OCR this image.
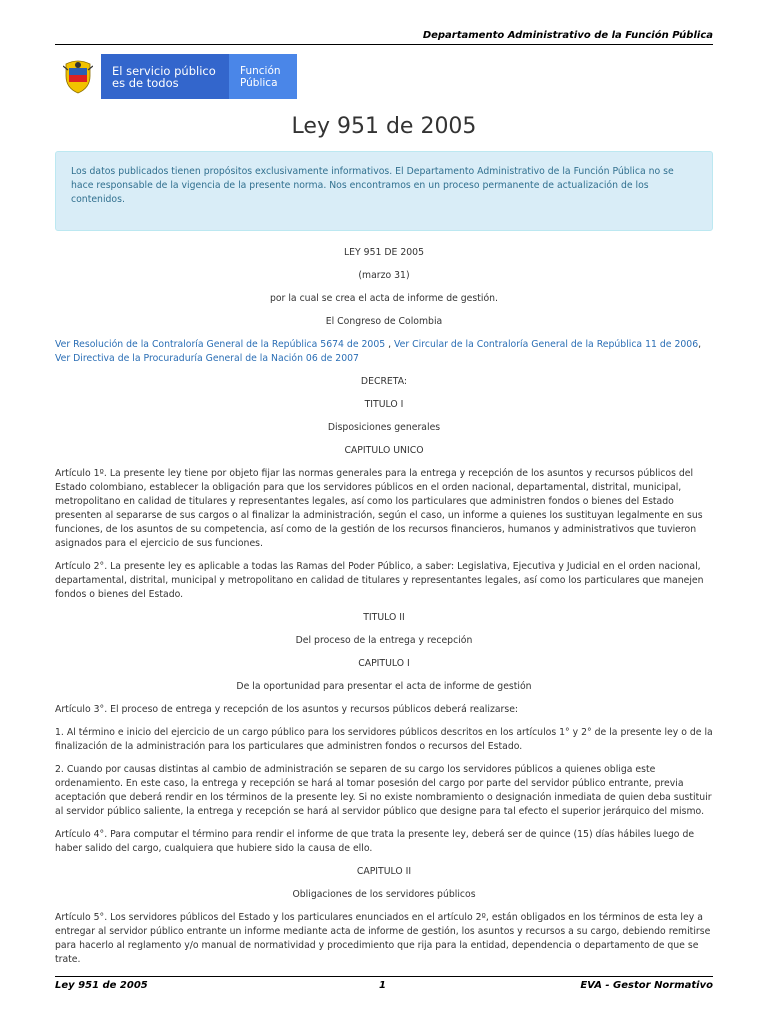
Departamento Administrativo de la Función Pública
El servicio público
es de todos
Función
Pública
Ley 951 de 2005
Los datos publicados tienen propósitos exclusivamente informativos. El Departamento Administrativo de la Función Pública no se hace responsable de la vigencia de la presente norma. Nos encontramos en un proceso permanente de actualización de los contenidos.

LEY 951 DE 2005

(marzo 31)

por la cual se crea el acta de informe de gestión.

El Congreso de Colombia

Ver Resolución de la Contraloría General de la República 5674 de 2005 , Ver Circular de la Contraloría General de la República 11 de 2006, Ver Directiva de la Procuraduría General de la Nación 06 de 2007

DECRETA:

TITULO I

Disposiciones generales

CAPITULO UNICO

Artículo 1º. La presente ley tiene por objeto fijar las normas generales para la entrega y recepción de los asuntos y recursos públicos del Estado colombiano, establecer la obligación para que los servidores públicos en el orden nacional, departamental, distrital, municipal, metropolitano en calidad de titulares y representantes legales, así como los particulares que administren fondos o bienes del Estado presenten al separarse de sus cargos o al finalizar la administración, según el caso, un informe a quienes los sustituyan legalmente en sus funciones, de los asuntos de su competencia, así como de la gestión de los recursos financieros, humanos y administrativos que tuvieron asignados para el ejercicio de sus funciones.

Artículo 2°. La presente ley es aplicable a todas las Ramas del Poder Público, a saber: Legislativa, Ejecutiva y Judicial en el orden nacional, departamental, distrital, municipal y metropolitano en calidad de titulares y representantes legales, así como los particulares que manejen fondos o bienes del Estado.

TITULO II

Del proceso de la entrega y recepción

CAPITULO I

De la oportunidad para presentar el acta de informe de gestión

Artículo 3°. El proceso de entrega y recepción de los asuntos y recursos públicos deberá realizarse:

1. Al término e inicio del ejercicio de un cargo público para los servidores públicos descritos en los artículos 1° y 2° de la presente ley o de la finalización de la administración para los particulares que administren fondos o recursos del Estado.

2. Cuando por causas distintas al cambio de administración se separen de su cargo los servidores públicos a quienes obliga este ordenamiento. En este caso, la entrega y recepción se hará al tomar posesión del cargo por parte del servidor público entrante, previa aceptación que deberá rendir en los términos de la presente ley. Si no existe nombramiento o designación inmediata de quien deba sustituir al servidor público saliente, la entrega y recepción se hará al servidor público que designe para tal efecto el superior jerárquico del mismo.

Artículo 4°. Para computar el término para rendir el informe de que trata la presente ley, deberá ser de quince (15) días hábiles luego de haber salido del cargo, cualquiera que hubiere sido la causa de ello.

CAPITULO II

Obligaciones de los servidores públicos

Artículo 5°. Los servidores públicos del Estado y los particulares enunciados en el artículo 2º, están obligados en los términos de esta ley a entregar al servidor público entrante un informe mediante acta de informe de gestión, los asuntos y recursos a su cargo, debiendo remitirse para hacerlo al reglamento y/o manual de normatividad y procedimiento que rija para la entidad, dependencia o departamento de que se trate.

Ley 951 de 2005	1	EVA - Gestor Normativo
